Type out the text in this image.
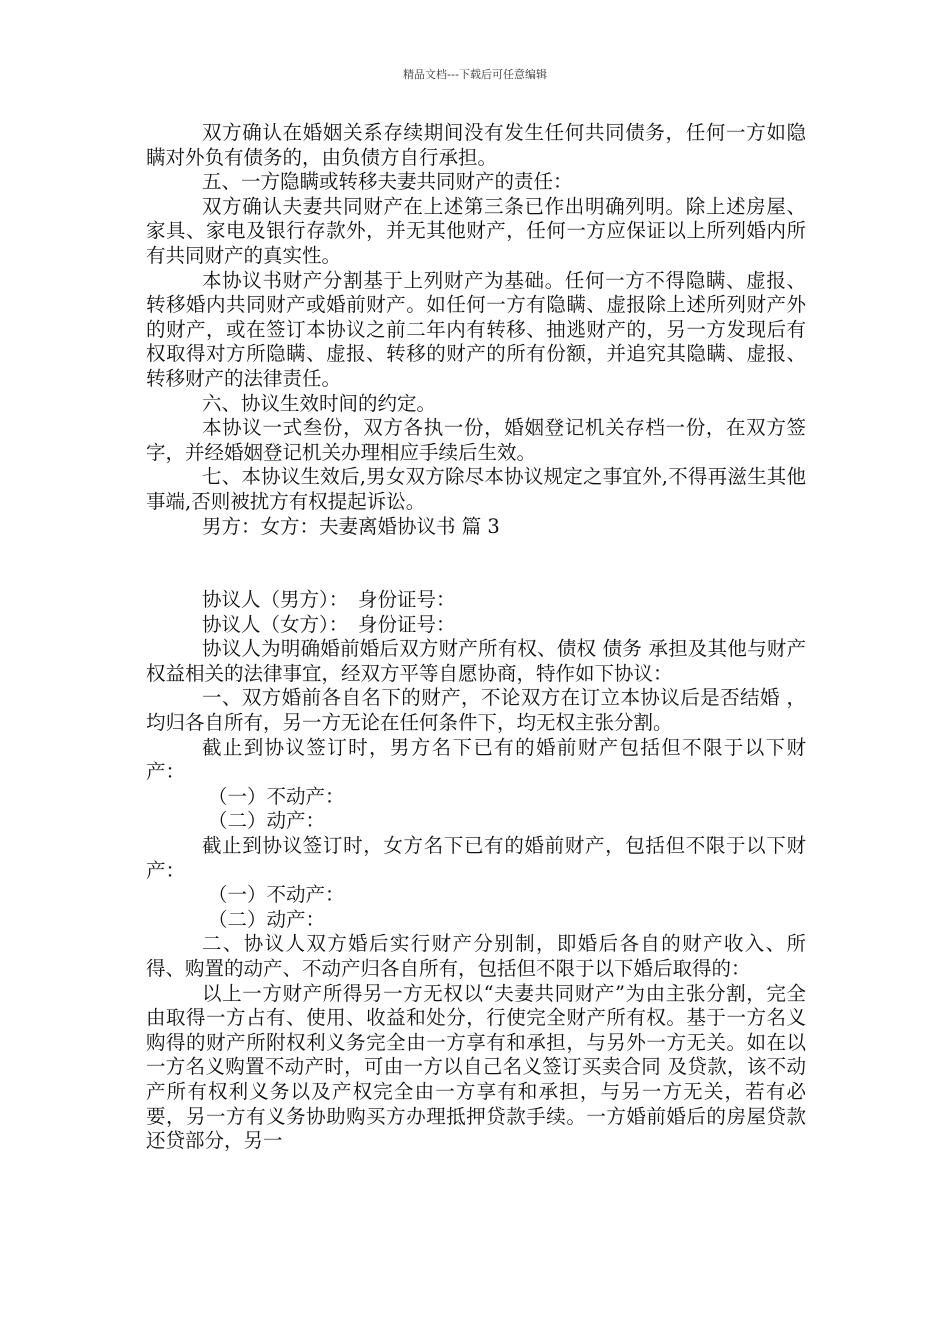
精品文档---下载后可任意编辑

双方确认在婚姻关系存续期间没有发生任何共同债务，任何一方如隐瞒对外负有债务的，由负债方自行承担。

五、一方隐瞒或转移夫妻共同财产的责任：

双方确认夫妻共同财产在上述第三条已作出明确列明。除上述房屋、家具、家电及银行存款外，并无其他财产，任何一方应保证以上所列婚内所有共同财产的真实性。

本协议书财产分割基于上列财产为基础。任何一方不得隐瞒、虚报、转移婚内共同财产或婚前财产。如任何一方有隐瞒、虚报除上述所列财产外的财产，或在签订本协议之前二年内有转移、抽逃财产的，另一方发现后有权取得对方所隐瞒、虚报、转移的财产的所有份额，并追究其隐瞒、虚报、转移财产的法律责任。

六、协议生效时间的约定。

本协议一式叁份，双方各执一份，婚姻登记机关存档一份，在双方签字，并经婚姻登记机关办理相应手续后生效。

七、本协议生效后,男女双方除尽本协议规定之事宜外,不得再滋生其他事端,否则被扰方有权提起诉讼。

男方：女方：夫妻离婚协议书 篇 3

协议人（男方）：　身份证号：

协议人（女方）：　身份证号：

协议人为明确婚前婚后双方财产所有权、债权 债务 承担及其他与财产权益相关的法律事宜，经双方平等自愿协商，特作如下协议：

一、双方婚前各自名下的财产，不论双方在订立本协议后是否结婚 ，均归各自所有，另一方无论在任何条件下，均无权主张分割。

截止到协议签订时，男方名下已有的婚前财产包括但不限于以下财产：

（一）不动产：

（二）动产：

截止到协议签订时，女方名下已有的婚前财产，包括但不限于以下财产：

（一）不动产：

（二）动产：

二、协议人双方婚后实行财产分别制，即婚后各自的财产收入、所得、购置的动产、不动产归各自所有，包括但不限于以下婚后取得的：

以上一方财产所得另一方无权以“夫妻共同财产”为由主张分割，完全由取得一方占有、使用、收益和处分，行使完全财产所有权。基于一方名义购得的财产所附权利义务完全由一方享有和承担，与另外一方无关。如在以一方名义购置不动产时，可由一方以自己名义签订买卖合同 及贷款，该不动产所有权利义务以及产权完全由一方享有和承担，与另一方无关，若有必要，另一方有义务协助购买方办理抵押贷款手续。一方婚前婚后的房屋贷款还贷部分，另一
